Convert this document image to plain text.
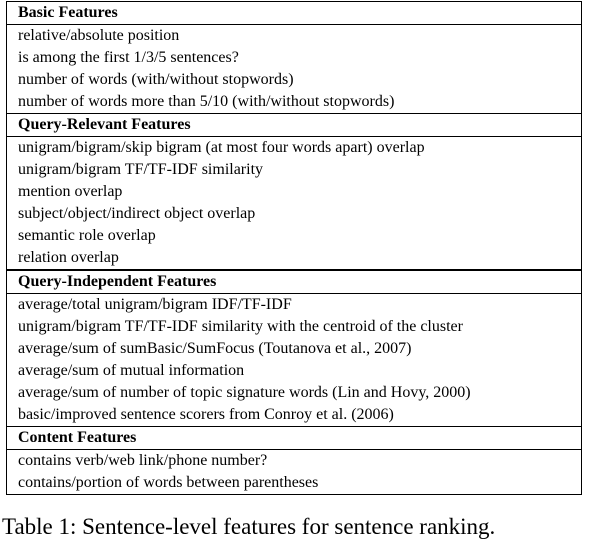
Basic Features
relative/absolute position
is among the first 1/3/5 sentences?
number of words (with/without stopwords)
number of words more than 5/10 (with/without stopwords)
Query-Relevant Features
unigram/bigram/skip bigram (at most four words apart) overlap
unigram/bigram TF/TF-IDF similarity
mention overlap
subject/object/indirect object overlap
semantic role overlap
relation overlap
Query-Independent Features
average/total unigram/bigram IDF/TF-IDF
unigram/bigram TF/TF-IDF similarity with the centroid of the cluster
average/sum of sumBasic/SumFocus (Toutanova et al., 2007)
average/sum of mutual information
average/sum of number of topic signature words (Lin and Hovy, 2000)
basic/improved sentence scorers from Conroy et al. (2006)
Content Features
contains verb/web link/phone number?
contains/portion of words between parentheses
Table 1: Sentence-level features for sentence ranking.
